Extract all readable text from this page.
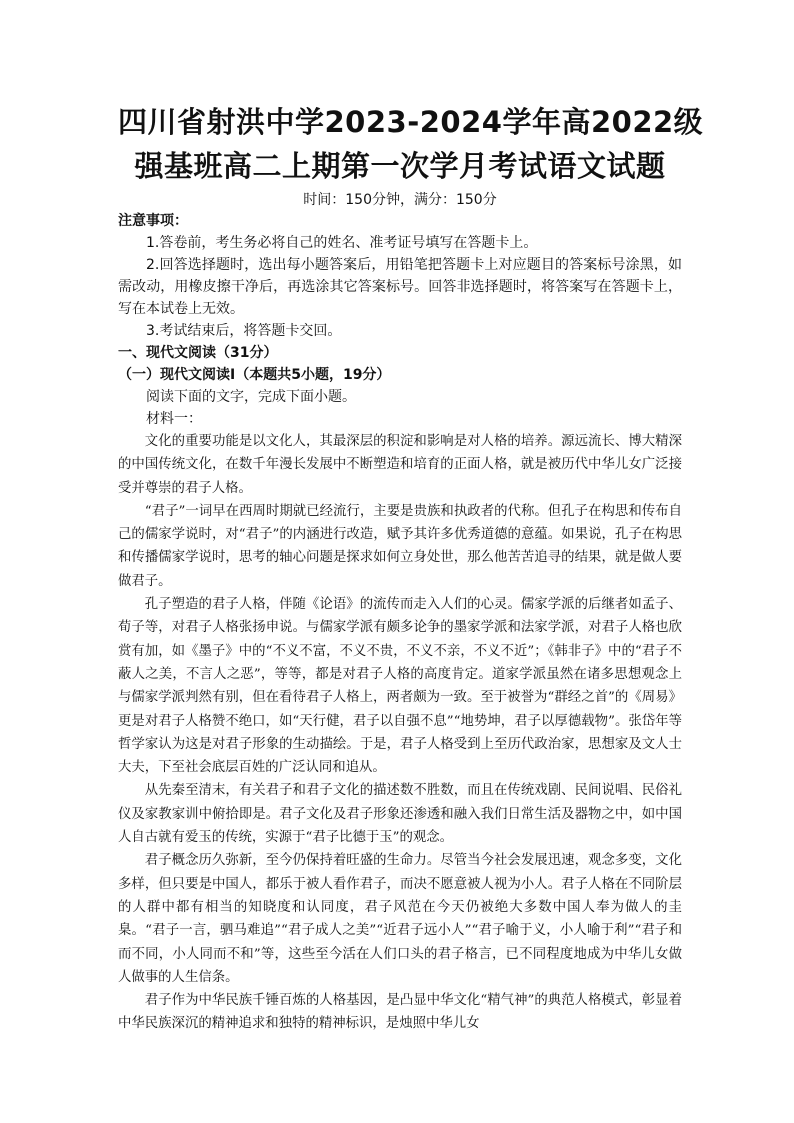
四川省射洪中学2023-2024学年高2022级
强基班高二上期第一次学月考试语文试题

时间：150分钟，满分：150分

注意事项：

1.答卷前，考生务必将自己的姓名、准考证号填写在答题卡上。

2.回答选择题时，选出每小题答案后，用铅笔把答题卡上对应题目的答案标号涂黑，如需改动，用橡皮擦干净后，再选涂其它答案标号。回答非选择题时，将答案写在答题卡上，写在本试卷上无效。

3.考试结束后，将答题卡交回。

一、现代文阅读（31分）

（一）现代文阅读Ⅰ（本题共5小题，19分）

阅读下面的文字，完成下面小题。

材料一：

文化的重要功能是以文化人，其最深层的积淀和影响是对人格的培养。源远流长、博大精深的中国传统文化，在数千年漫长发展中不断塑造和培育的正面人格，就是被历代中华儿女广泛接受并尊崇的君子人格。

“君子”一词早在西周时期就已经流行，主要是贵族和执政者的代称。但孔子在构思和传布自己的儒家学说时，对“君子”的内涵进行改造，赋予其许多优秀道德的意蕴。如果说，孔子在构思和传播儒家学说时，思考的轴心问题是探求如何立身处世，那么他苦苦追寻的结果，就是做人要做君子。

孔子塑造的君子人格，伴随《论语》的流传而走入人们的心灵。儒家学派的后继者如孟子、荀子等，对君子人格张扬申说。与儒家学派有颇多论争的墨家学派和法家学派，对君子人格也欣赏有加，如《墨子》中的“不义不富，不义不贵，不义不亲，不义不近”；《韩非子》中的“君子不蔽人之美，不言人之恶”，等等，都是对君子人格的高度肯定。道家学派虽然在诸多思想观念上与儒家学派判然有别，但在看待君子人格上，两者颇为一致。至于被誉为“群经之首”的《周易》更是对君子人格赞不绝口，如“天行健，君子以自强不息”“地势坤，君子以厚德载物”。张岱年等哲学家认为这是对君子形象的生动描绘。于是，君子人格受到上至历代政治家，思想家及文人士大夫，下至社会底层百姓的广泛认同和追从。

从先秦至清末，有关君子和君子文化的描述数不胜数，而且在传统戏剧、民间说唱、民俗礼仪及家教家训中俯拾即是。君子文化及君子形象还渗透和融入我们日常生活及器物之中，如中国人自古就有爱玉的传统，实源于“君子比德于玉”的观念。

君子概念历久弥新，至今仍保持着旺盛的生命力。尽管当今社会发展迅速，观念多变，文化多样，但只要是中国人，都乐于被人看作君子，而决不愿意被人视为小人。君子人格在不同阶层的人群中都有相当的知晓度和认同度，君子风范在今天仍被绝大多数中国人奉为做人的圭臬。“君子一言，驷马难追”“君子成人之美”“近君子远小人”“君子喻于义，小人喻于利”“君子和而不同，小人同而不和”等，这些至今活在人们口头的君子格言，已不同程度地成为中华儿女做人做事的人生信条。

君子作为中华民族千锤百炼的人格基因，是凸显中华文化“精气神”的典范人格模式，彰显着中华民族深沉的精神追求和独特的精神标识，是烛照中华儿女
